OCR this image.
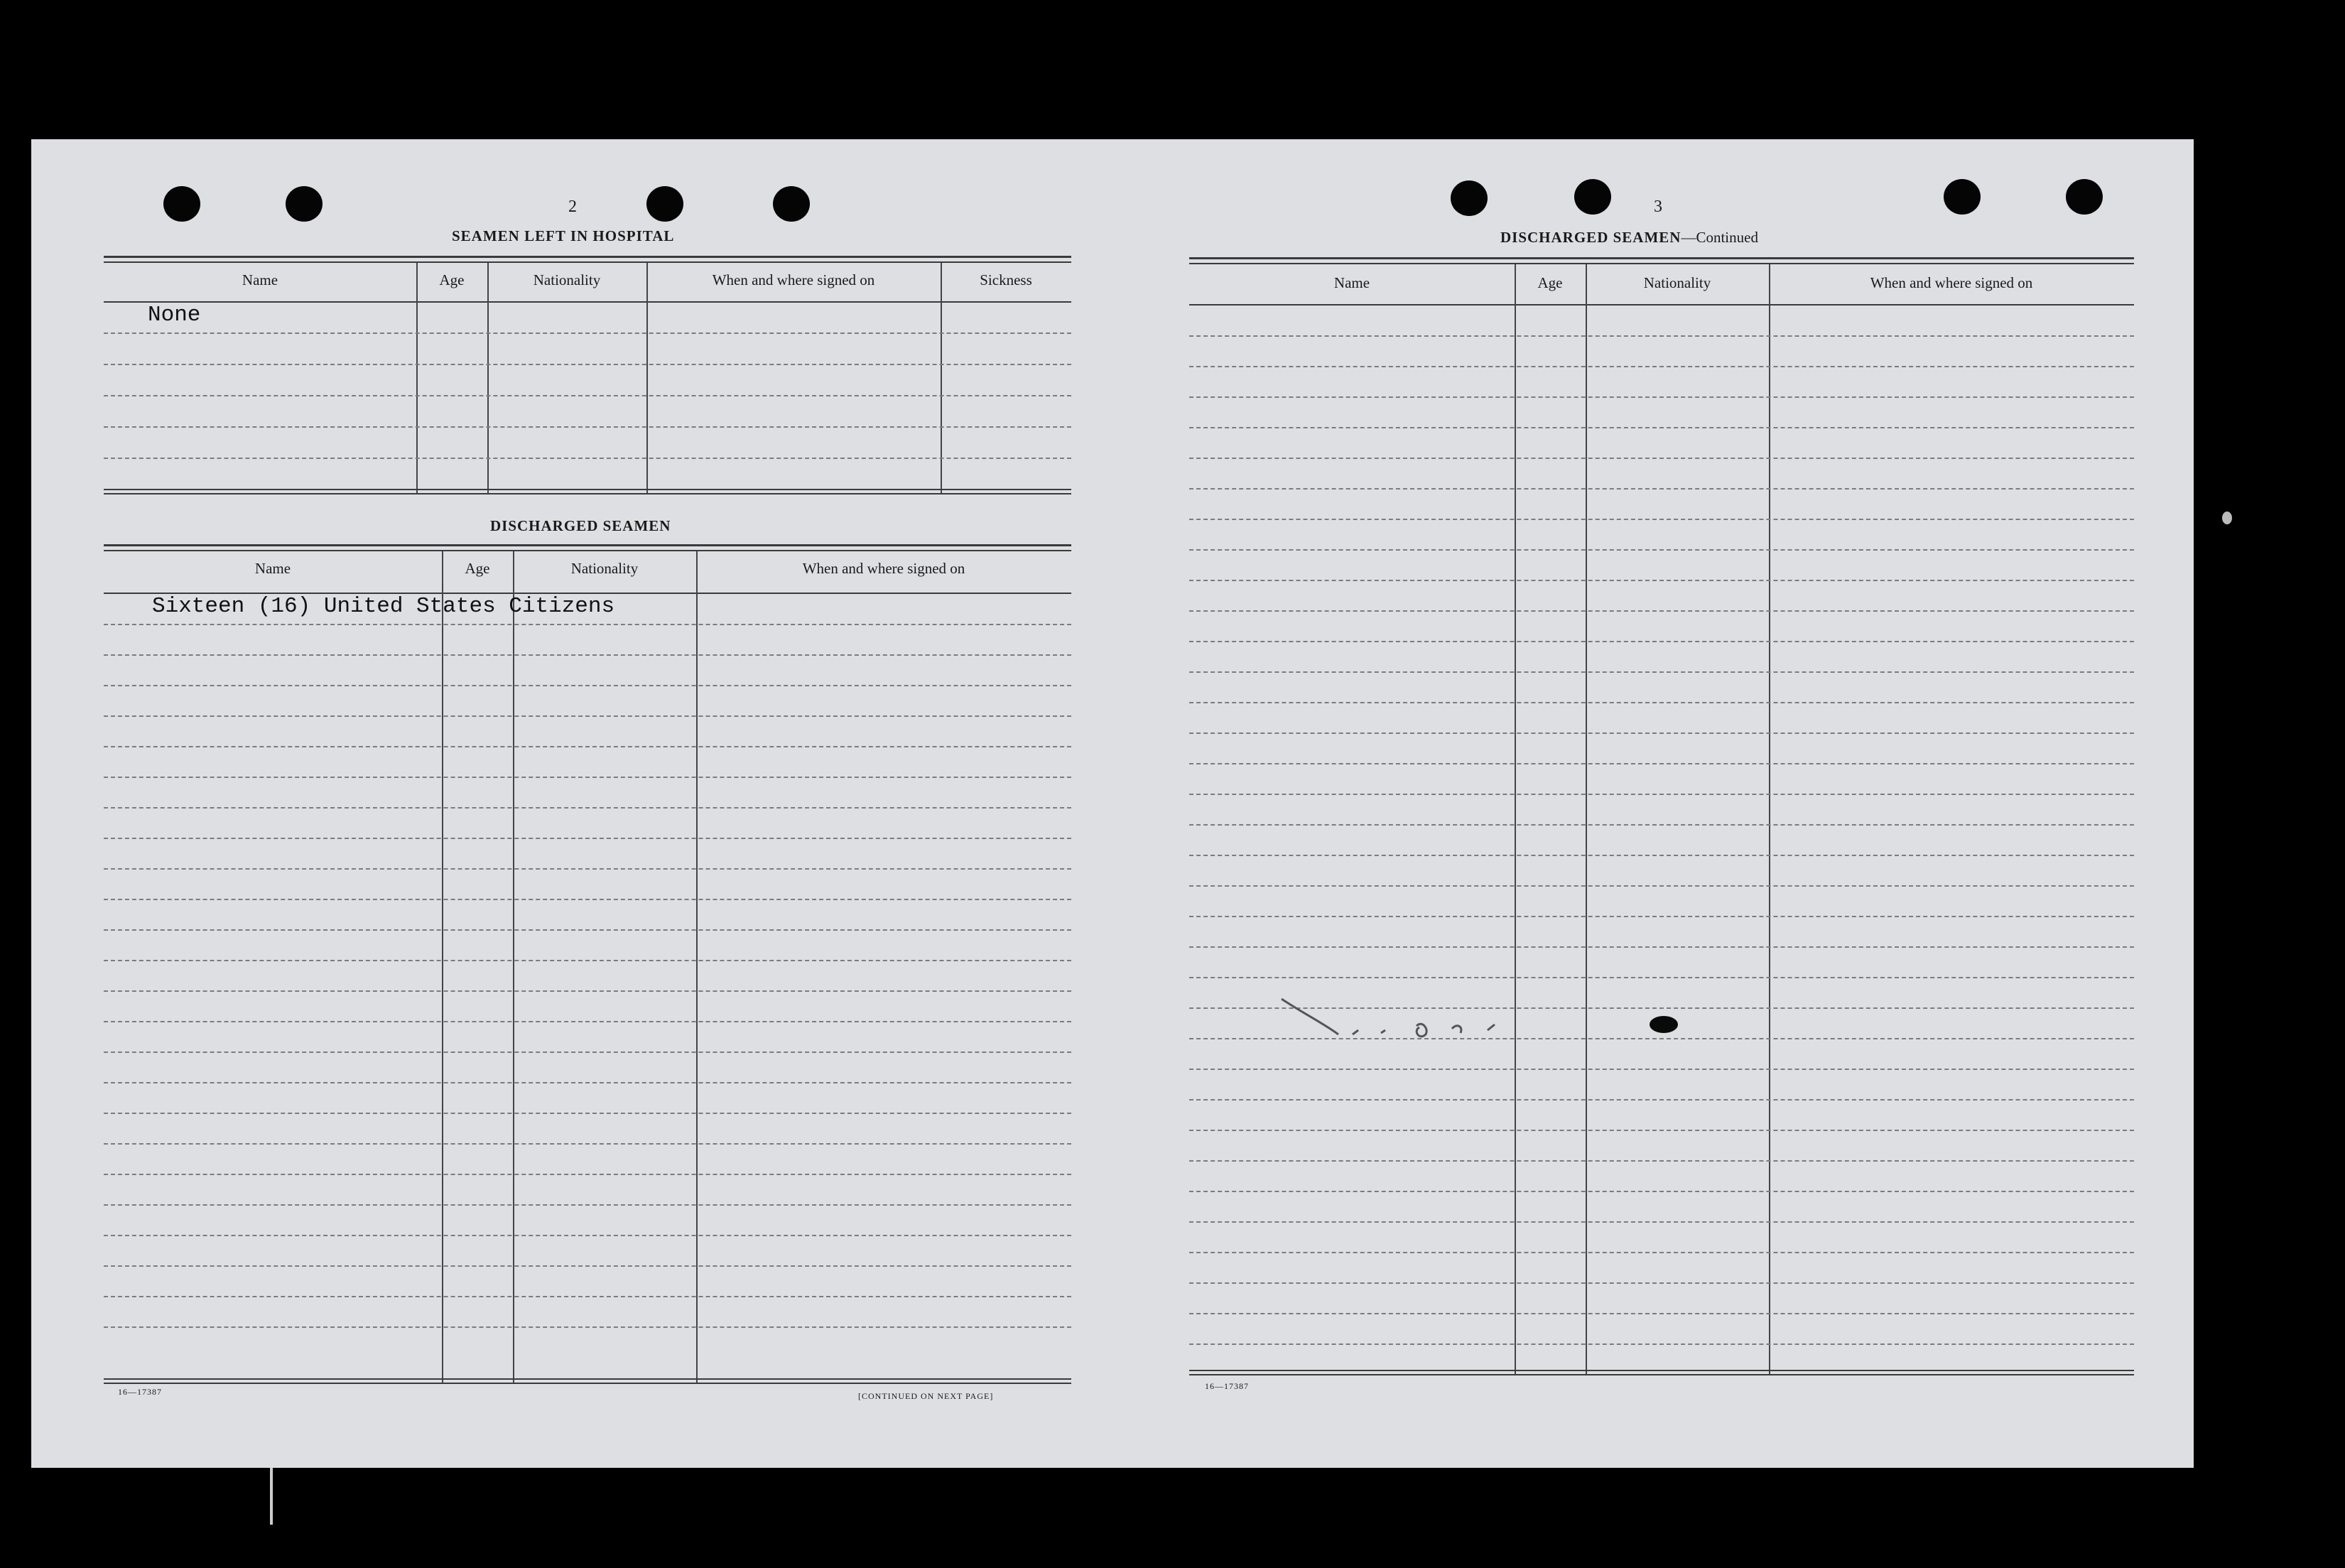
2
SEAMEN LEFT IN HOSPITAL
Name	Age	Nationality	When and where signed on	Sickness
None
DISCHARGED SEAMEN
Name	Age	Nationality	When and where signed on
Sixteen (16) United States Citizens
16—17387	[CONTINUED ON NEXT PAGE]
3
DISCHARGED SEAMEN—Continued
Name	Age	Nationality	When and where signed on
16—17387
